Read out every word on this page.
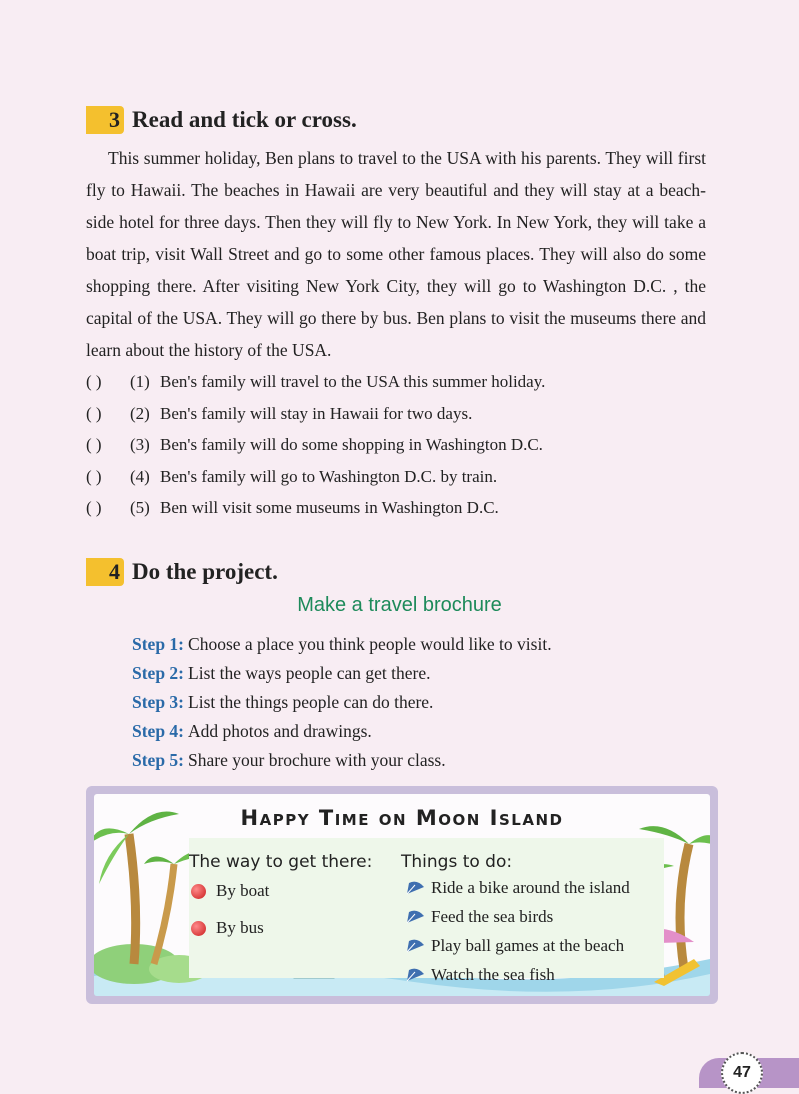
3 Read and tick or cross.

This summer holiday, Ben plans to travel to the USA with his parents. They will first fly to Hawaii. The beaches in Hawaii are very beautiful and they will stay at a beach-side hotel for three days. Then they will fly to New York. In New York, they will take a boat trip, visit Wall Street and go to some other famous places. They will also do some shopping there. After visiting New York City, they will go to Washington D.C. , the capital of the USA. They will go there by bus. Ben plans to visit the museums there and learn about the history of the USA.

( ) (1) Ben's family will travel to the USA this summer holiday.
( ) (2) Ben's family will stay in Hawaii for two days.
( ) (3) Ben's family will do some shopping in Washington D.C.
( ) (4) Ben's family will go to Washington D.C. by train.
( ) (5) Ben will visit some museums in Washington D.C.
4 Do the project.
Make a travel brochure
Step 1: Choose a place you think people would like to visit.
Step 2: List the ways people can get there.
Step 3: List the things people can do there.
Step 4: Add photos and drawings.
Step 5: Share your brochure with your class.
Happy Time on Moon Island
The way to get there: Things to do:
By boat
By bus
Ride a bike around the island
Feed the sea birds
Play ball games at the beach
Watch the sea fish
47
